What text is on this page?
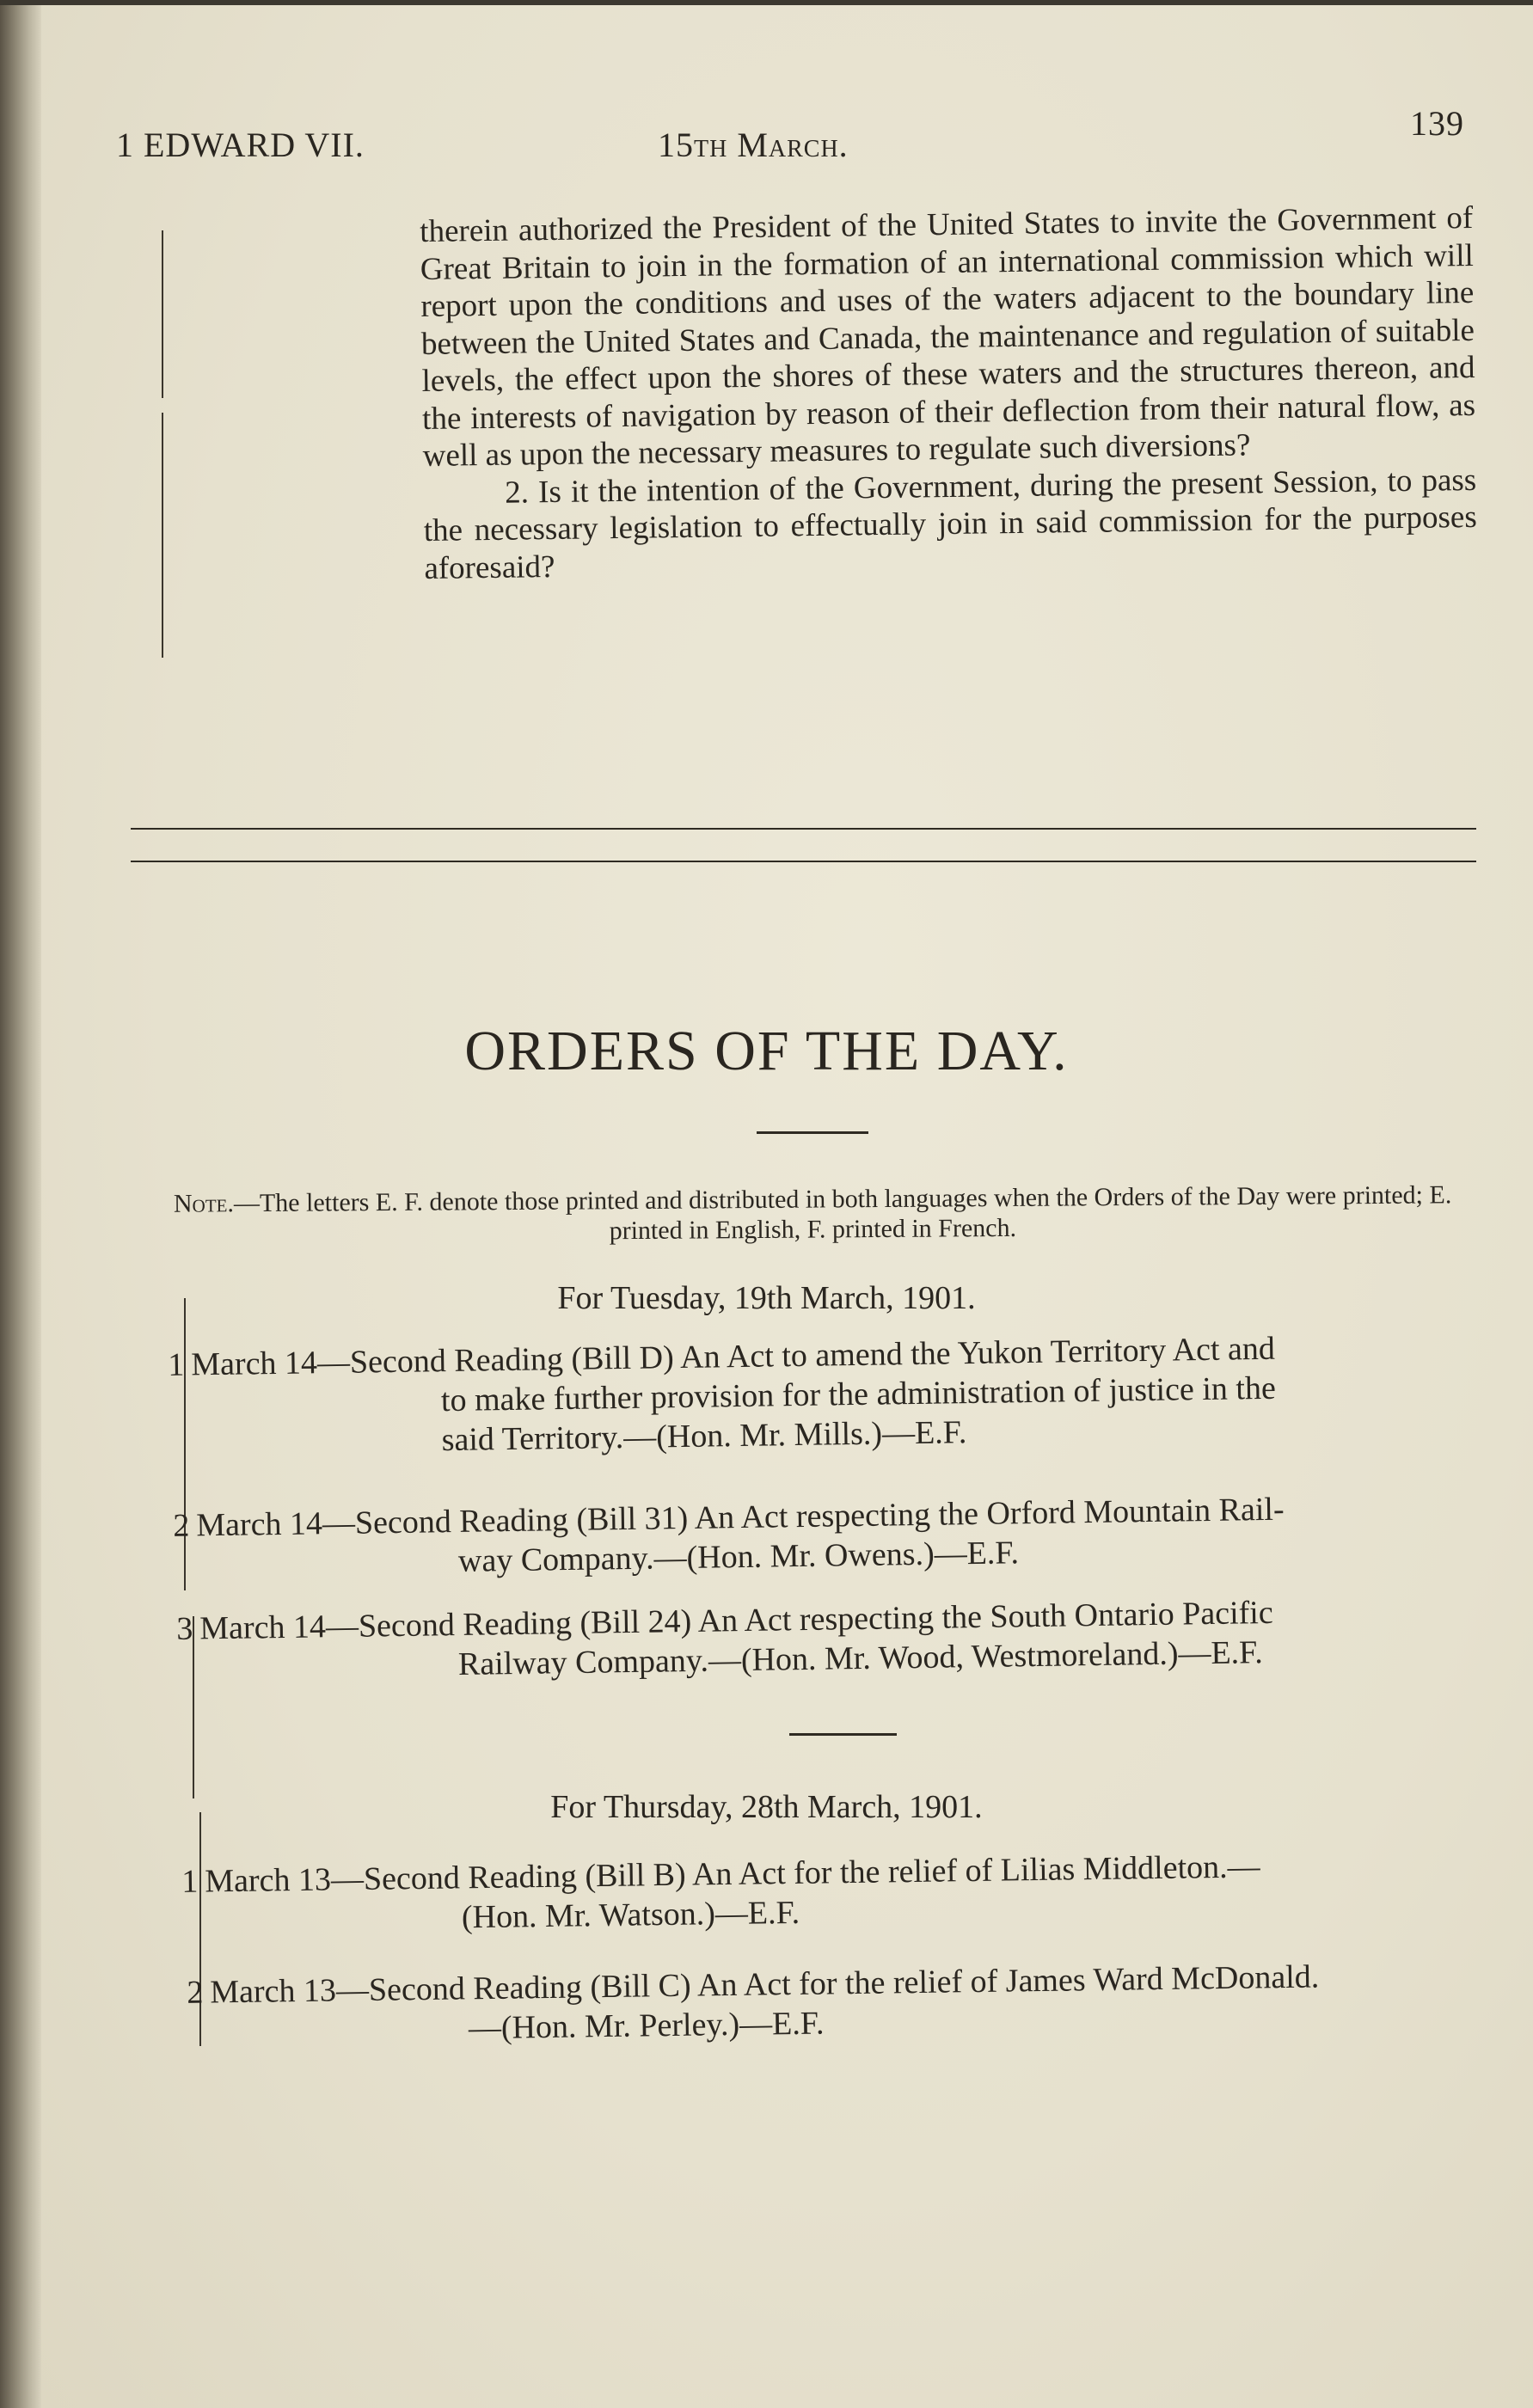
1 EDWARD VII.	15th March.
139

therein authorized the President of the United States to invite the Government of Great Britain to join in the formation of an international commission which will report upon the conditions and uses of the waters adjacent to the boundary line between the United States and Canada, the maintenance and regulation of suitable levels, the effect upon the shores of these waters and the structures thereon, and the interests of navigation by reason of their deflection from their natural flow, as well as upon the necessary measures to regulate such diversions?

2. Is it the intention of the Government, during the present Session, to pass the necessary legislation to effectually join in said commission for the purposes aforesaid?

ORDERS OF THE DAY.
Note.—The letters E. F. denote those printed and distributed in both languages when the Orders of the Day were printed; E. printed in English, F. printed in French.
For Tuesday, 19th March, 1901.
1 March 14—Second Reading (Bill D) An Act to amend the Yukon Territory Act and
to make further provision for the administration of justice in the
said Territory.—(Hon. Mr. Mills.)—E.F.
2 March 14—Second Reading (Bill 31) An Act respecting the Orford Mountain Rail-
way Company.—(Hon. Mr. Owens.)—E.F.
3 March 14—Second Reading (Bill 24) An Act respecting the South Ontario Pacific
Railway Company.—(Hon. Mr. Wood, Westmoreland.)—E.F.
For Thursday, 28th March, 1901.
1 March 13—Second Reading (Bill B) An Act for the relief of Lilias Middleton.—
(Hon. Mr. Watson.)—E.F.
2 March 13—Second Reading (Bill C) An Act for the relief of James Ward McDonald.
—(Hon. Mr. Perley.)—E.F.
